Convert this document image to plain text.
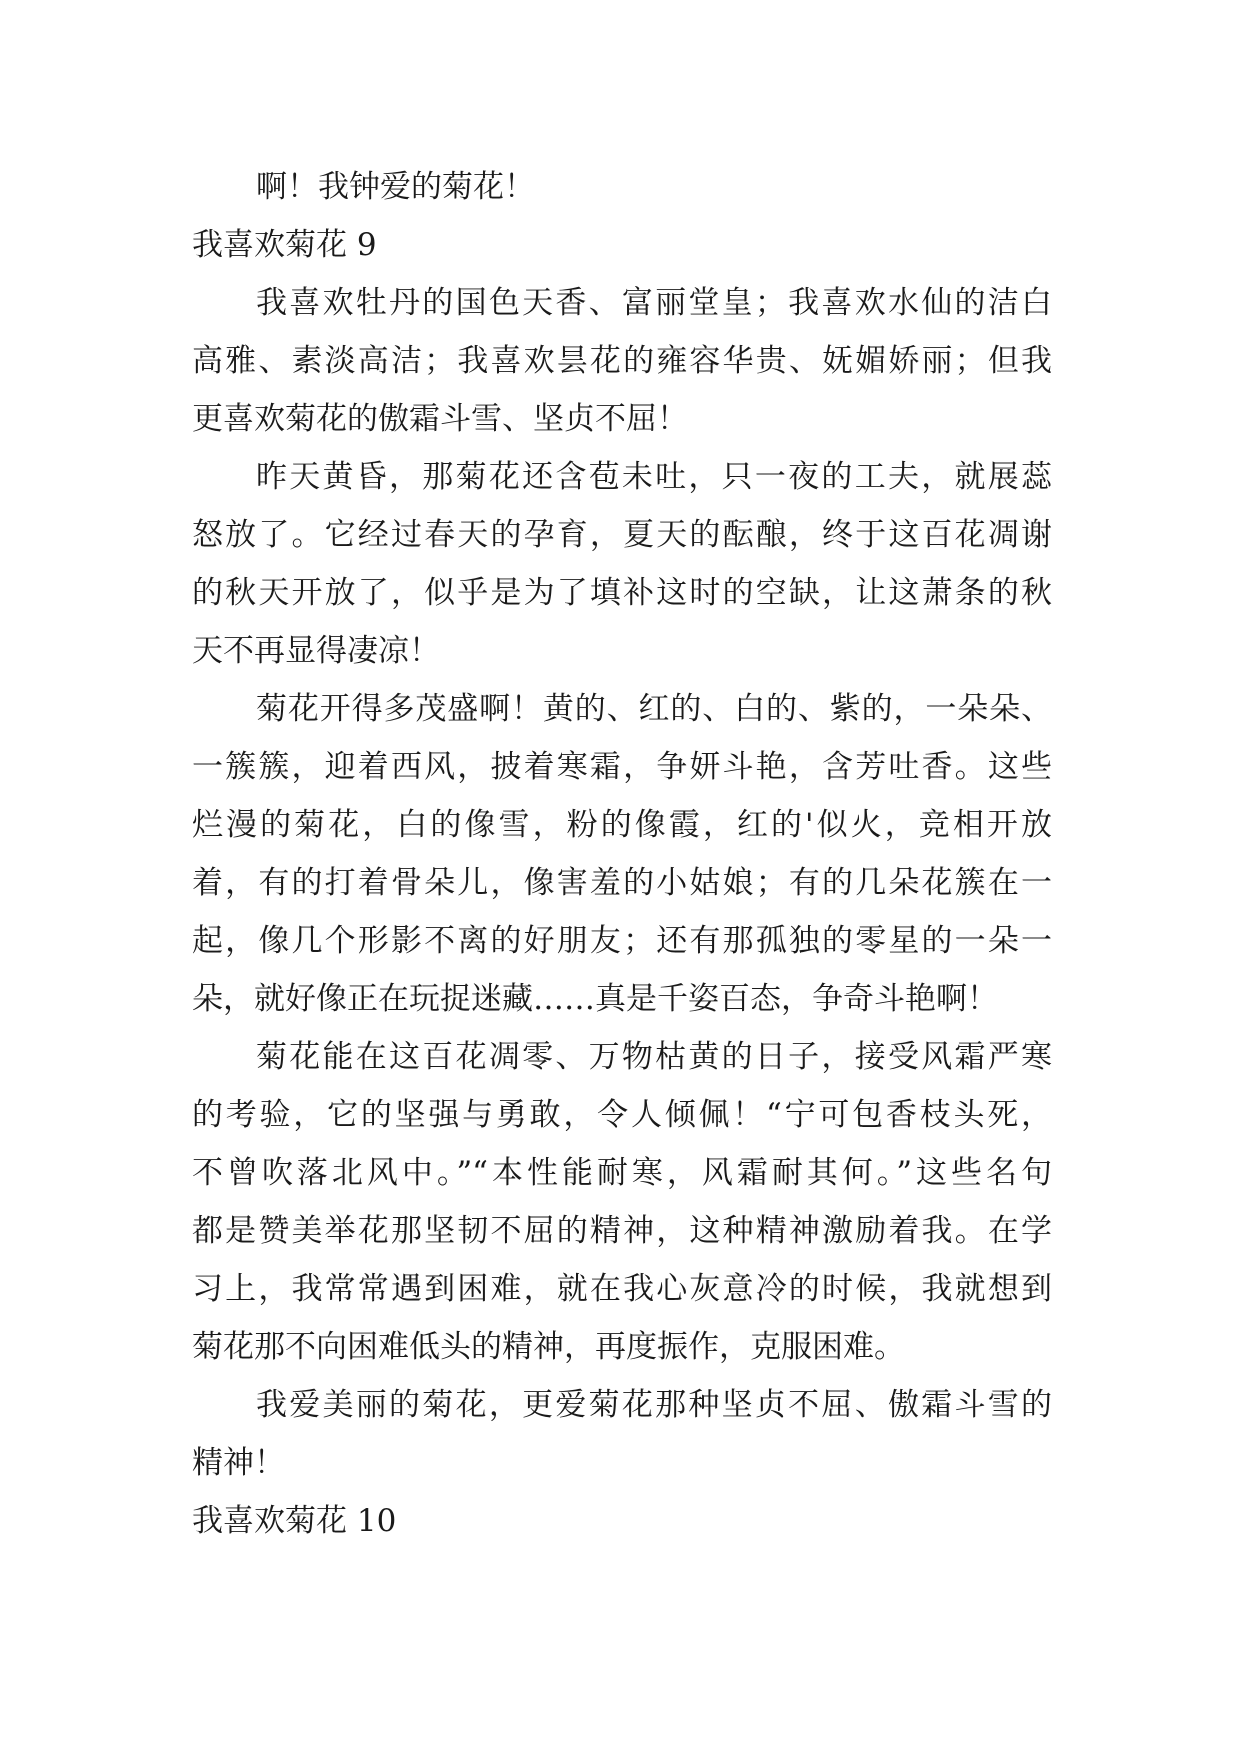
啊！我钟爱的菊花！
我喜欢菊花 9
我喜欢牡丹的国色天香、富丽堂皇；我喜欢水仙的洁白
高雅、素淡高洁；我喜欢昙花的雍容华贵、妩媚娇丽；但我
更喜欢菊花的傲霜斗雪、坚贞不屈！
昨天黄昏，那菊花还含苞未吐，只一夜的工夫，就展蕊
怒放了。它经过春天的孕育，夏天的酝酿，终于这百花凋谢
的秋天开放了，似乎是为了填补这时的空缺，让这萧条的秋
天不再显得凄凉！
菊花开得多茂盛啊！黄的、红的、白的、紫的，一朵朵、
一簇簇，迎着西风，披着寒霜，争妍斗艳，含芳吐香。这些
烂漫的菊花，白的像雪，粉的像霞，红的'似火，竞相开放
着，有的打着骨朵儿，像害羞的小姑娘；有的几朵花簇在一
起，像几个形影不离的好朋友；还有那孤独的零星的一朵一
朵，就好像正在玩捉迷藏……真是千姿百态，争奇斗艳啊！
菊花能在这百花凋零、万物枯黄的日子，接受风霜严寒
的考验，它的坚强与勇敢，令人倾佩！“宁可包香枝头死，
不曾吹落北风中。”“本性能耐寒，风霜耐其何。”这些名句
都是赞美举花那坚韧不屈的精神，这种精神激励着我。在学
习上，我常常遇到困难，就在我心灰意冷的时候，我就想到
菊花那不向困难低头的精神，再度振作，克服困难。
我爱美丽的菊花，更爱菊花那种坚贞不屈、傲霜斗雪的
精神！
我喜欢菊花 10
